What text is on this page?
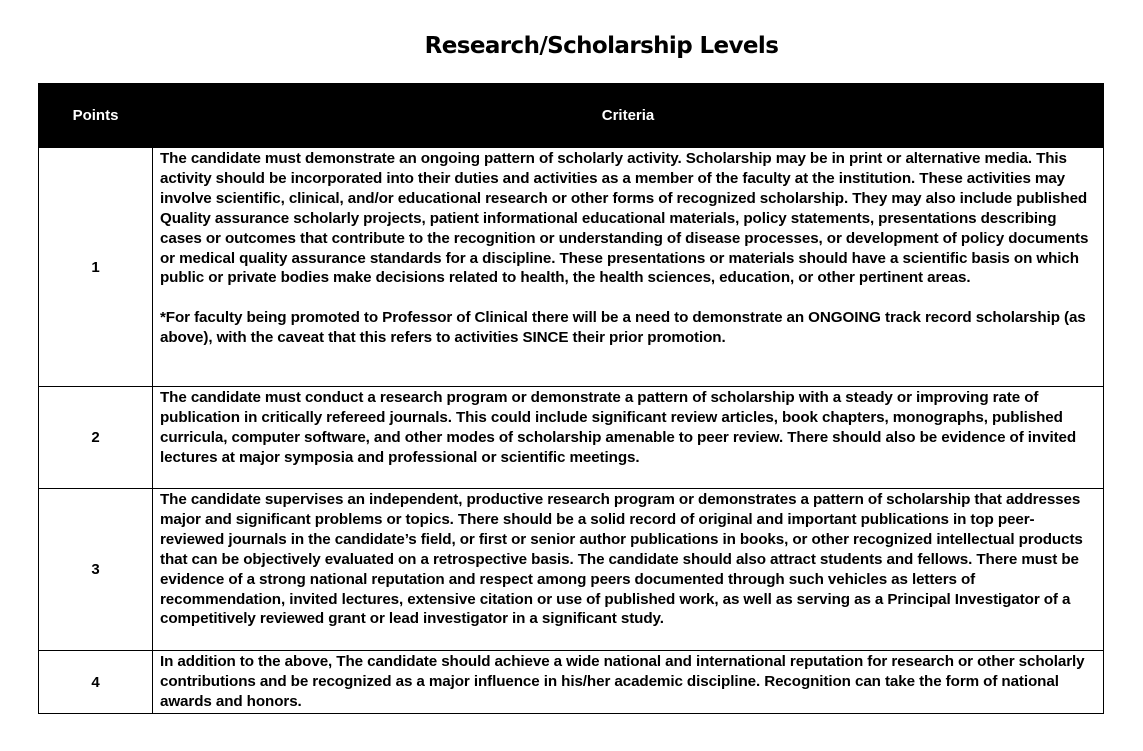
Research/Scholarship Levels
Points	Criteria
1	The candidate must demonstrate an ongoing pattern of scholarly activity. Scholarship may be in print or alternative media. This activity should be incorporated into their duties and activities as a member of the faculty at the institution. These activities may involve scientific, clinical, and/or educational research or other forms of recognized scholarship. They may also include published Quality assurance scholarly projects, patient informational educational materials, policy statements, presentations describing cases or outcomes that contribute to the recognition or understanding of disease processes, or development of policy documents or medical quality assurance standards for a discipline. These presentations or materials should have a scientific basis on which public or private bodies make decisions related to health, the health sciences, education, or other pertinent areas.

*For faculty being promoted to Professor of Clinical there will be a need to demonstrate an ONGOING track record scholarship (as above), with the caveat that this refers to activities SINCE their prior promotion.

2	The candidate must conduct a research program or demonstrate a pattern of scholarship with a steady or improving rate of publication in critically refereed journals. This could include significant review articles, book chapters, monographs, published curricula, computer software, and other modes of scholarship amenable to peer review. There should also be evidence of invited lectures at major symposia and professional or scientific meetings.

3	The candidate supervises an independent, productive research program or demonstrates a pattern of scholarship that addresses major and significant problems or topics. There should be a solid record of original and important publications in top peer-reviewed journals in the candidate’s field, or first or senior author publications in books, or other recognized intellectual products that can be objectively evaluated on a retrospective basis. The candidate should also attract students and fellows. There must be evidence of a strong national reputation and respect among peers documented through such vehicles as letters of recommendation, invited lectures, extensive citation or use of published work, as well as serving as a Principal Investigator of a competitively reviewed grant or lead investigator in a significant study.

4	In addition to the above, The candidate should achieve a wide national and international reputation for research or other scholarly contributions and be recognized as a major influence in his/her academic discipline. Recognition can take the form of national awards and honors.
